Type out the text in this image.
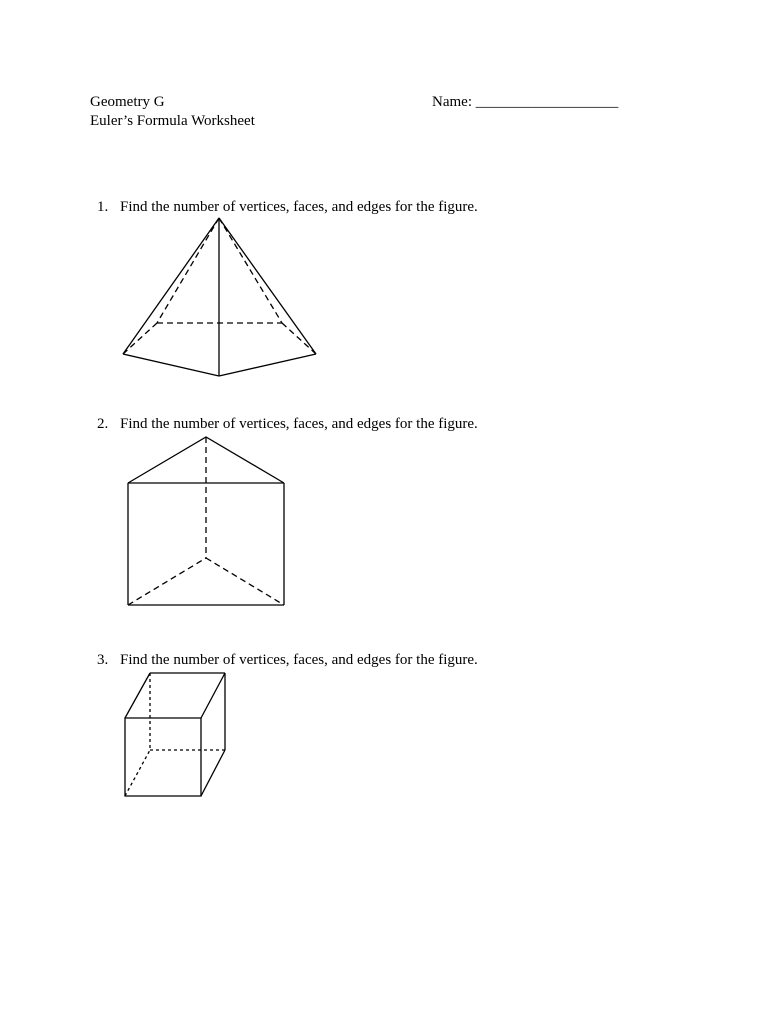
Geometry G
Euler’s Formula Worksheet
Name: ___________________
1. Find the number of vertices, faces, and edges for the figure.
2. Find the number of vertices, faces, and edges for the figure.
3. Find the number of vertices, faces, and edges for the figure.
